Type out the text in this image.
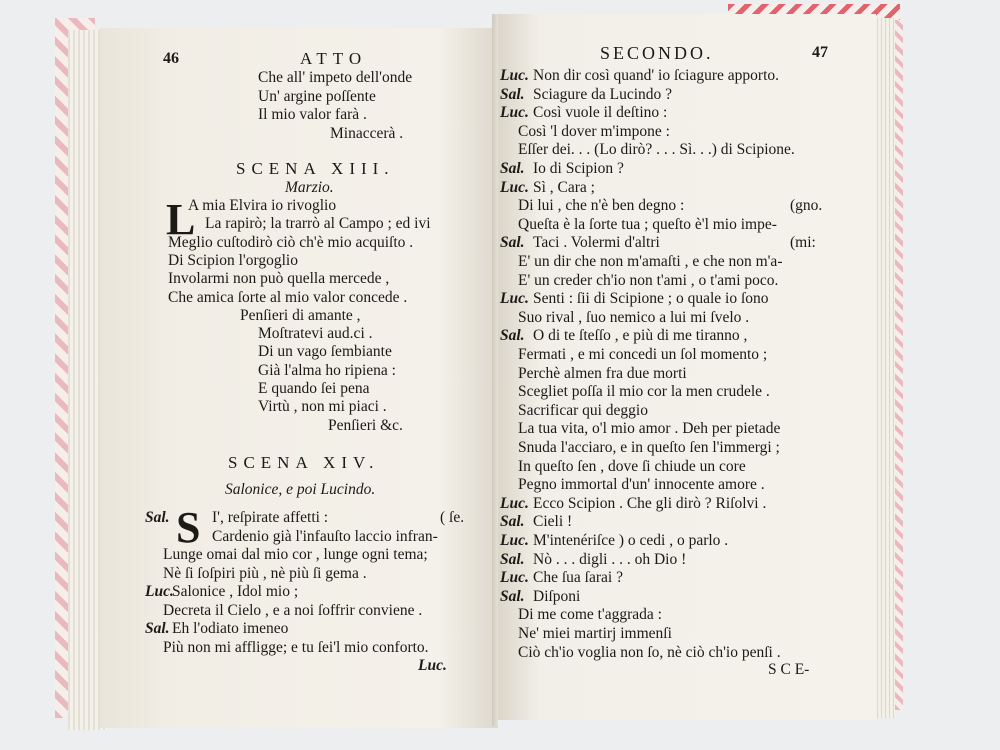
46	ATTO
Che all' impeto dell'onde
Un' argine poſſente
Il mio valor farà .
Minaccerà .
SCENA XIII.
Marzio.
L
A mia Elvira io rivoglio
La rapirò; la trarrò al Campo ; ed ivi
Meglio cuſtodirò ciò ch'è mio acquiſto .
Di Scipion l'orgoglio
Involarmi non può quella mercede ,
Che amica ſorte al mio valor concede .
Penſieri di amante ,
Moſtratevi aud.ci .
Di un vago ſembiante
Già l'alma ho ripiena :
E quando ſei pena
Virtù , non mi piaci .
Penſieri &c.
SCENA XIV.
Salonice, e poi Lucindo.
S
Sal.	I', reſpirate affetti :	( ſe.
Cardenio già l'infauſto laccio infran-
Lunge omai dal mio cor , lunge ogni tema;
Nè ſi ſoſpiri più , nè più ſi gema .
Luc.
Salonice , Idol mio ;
Decreta il Cielo , e a noi ſoffrir conviene .
Sal. Eh l'odiato imeneo
Più non mi affligge; e tu ſei'l mio conforto.
Luc.
SECONDO.	47
Luc. Non dir così quand' io ſciagure apporto.
Sal. Sciagure da Lucindo ?
Luc. Così vuole il deſtino :
Così 'l dover m'impone :
Eſſer dei. . . (Lo dirò? . . . Sì. . .) di Scipione.
Sal. Io di Scipion ?
Luc. Sì , Cara ;
Di lui , che n'è ben degno :	(gno.
Queſta è la ſorte tua ; queſto è'l mio impe-
Sal. Taci . Volermi d'altri	(mi:
E' un dir che non m'amaſti , e che non m'a-
E' un creder ch'io non t'ami , o t'ami poco.
Luc. Senti : ſii di Scipione ; o quale io ſono
Suo rival , ſuo nemico a lui mi ſvelo .
Sal. O di te ſteſſo , e più di me tiranno ,
Fermati , e mi concedi un ſol momento ;
Perchè almen fra due morti
Scegliet poſſa il mio cor la men crudele .
Sacrificar qui deggio
La tua vita, o'l mio amor . Deh per pietade
Snuda l'acciaro, e in queſto ſen l'immergi ;
In queſto ſen , dove ſi chiude un core
Pegno immortal d'un' innocente amore .
Luc. Ecco Scipion . Che gli dirò ? Riſolvi .
Sal. Cieli !
Luc. M'intenériſce ) o cedi , o parlo .
Sal. Nò . . . digli . . . oh Dio !
Luc. Che ſua ſarai ?
Sal. Diſponi
Di me come t'aggrada :
Ne' miei martirj immenſi
Ciò ch'io voglia non ſo, nè ciò ch'io penſi .
S C E-
